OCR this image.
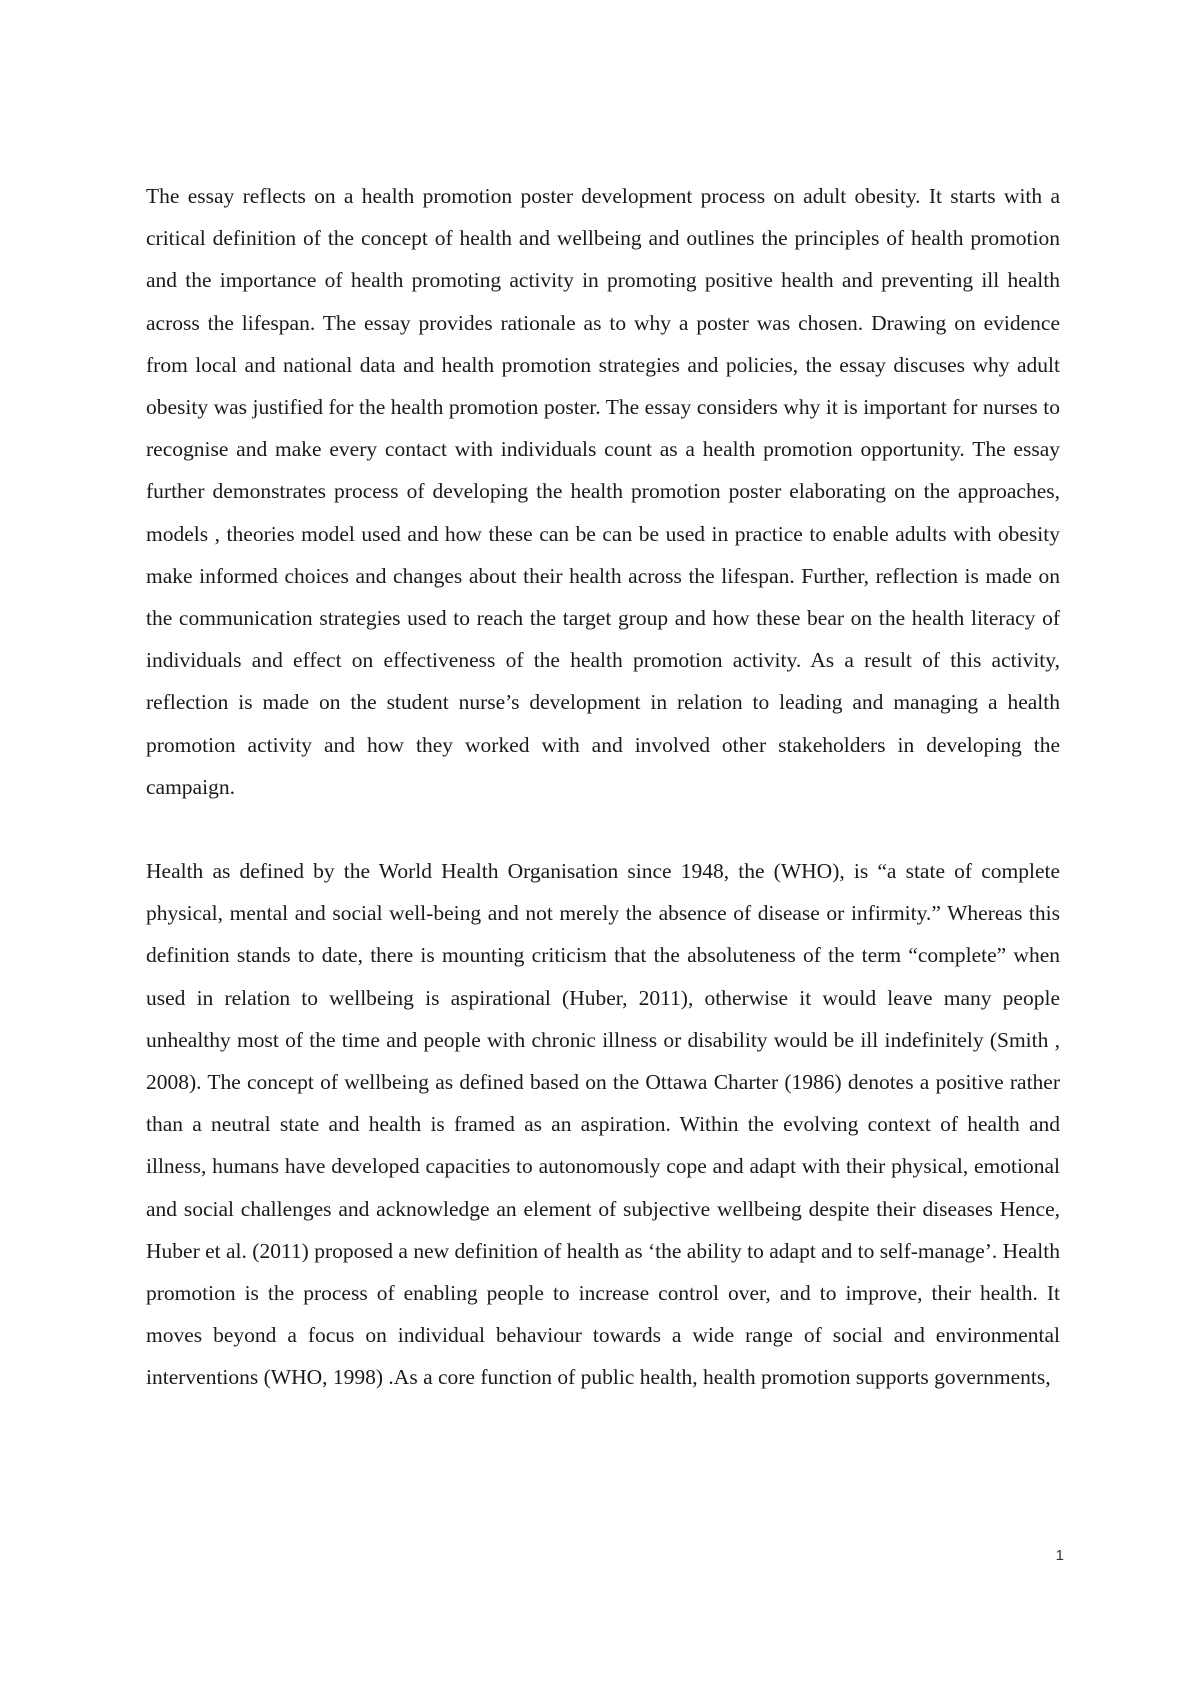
The essay reflects on a health promotion poster development process on adult obesity. It starts with a critical definition of the concept of health and wellbeing and outlines the principles of health promotion and the importance of health promoting activity in promoting positive health and preventing ill health across the lifespan. The essay provides rationale as to why a poster was chosen. Drawing on evidence from local and national data and health promotion strategies and policies, the essay discuses why adult obesity was justified for the health promotion poster. The essay considers why it is important for nurses to recognise and make every contact with individuals count as a health promotion opportunity. The essay further demonstrates process of developing the health promotion poster elaborating on the approaches, models , theories model used and how these can be can be used in practice to enable adults with obesity make informed choices and changes about their health across the lifespan. Further, reflection is made on the communication strategies used to reach the target group and how these bear on the health literacy of individuals and effect on effectiveness of the health promotion activity. As a result of this activity, reflection is made on the student nurse’s development in relation to leading and managing a health promotion activity and how they worked with and involved other stakeholders in developing the campaign.

Health as defined by the World Health Organisation since 1948, the (WHO), is “a state of complete physical, mental and social well-being and not merely the absence of disease or infirmity.” Whereas this definition stands to date, there is mounting criticism that the absoluteness of the term “complete” when used in relation to wellbeing is aspirational (Huber, 2011), otherwise it would leave many people unhealthy most of the time and people with chronic illness or disability would be ill indefinitely (Smith , 2008). The concept of wellbeing as defined based on the Ottawa Charter (1986) denotes a positive rather than a neutral state and health is framed as an aspiration. Within the evolving context of health and illness, humans have developed capacities to autonomously cope and adapt with their physical, emotional and social challenges and acknowledge an element of subjective wellbeing despite their diseases Hence, Huber et al. (2011) proposed a new definition of health as ‘the ability to adapt and to self-manage’. Health promotion is the process of enabling people to increase control over, and to improve, their health. It moves beyond a focus on individual behaviour towards a wide range of social and environmental interventions (WHO, 1998) .As a core function of public health, health promotion supports governments,

1
